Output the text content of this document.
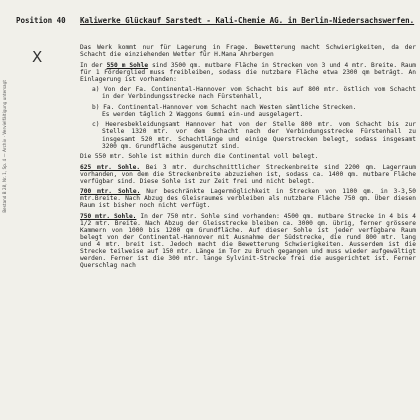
Bestand B 28, Nr. 1, Sp. 4 — Archiv · Vervielfältigung untersagt
Position 40 Kaliwerke Glückauf Sarstedt - Kali-Chemie AG. in Berlin-Niedersachswerfen.
X

Das Werk kommt nur für Lagerung in Frage. Bewetterung macht Schwierigkeiten, da der Schacht die einziehenden Wetter für H.Mana Ahrbergen

In der 550 m Sohle sind 3500 qm. mutbare Fläche in Strecken von 3 und 4 mtr. Breite. Raum für 1 Förderglied muss freibleiben, sodass die nutzbare Fläche etwa 2300 qm beträgt. An Einlagerung ist vorhanden:

a) Von der Fa. Continental-Hannover vom Schacht bis auf 800 mtr. östlich vom Schacht in der Verbindungsstrecke nach Fürstenhall,

b) Fa. Continental-Hannover vom Schacht nach Westen sämtliche Strecken.

Es werden täglich 2 Waggons Gummi ein-und ausgelagert.

c) Heeresbekleidungsamt Hannover hat von der Stelle 800 mtr. vom Schacht bis zur Stelle 1320 mtr. vor dem Schacht nach der Verbindungsstrecke Fürstenhall zu insgesamt 520 mtr. Schachtlänge und einige Querstrecken belegt, sodass insgesamt 3200 qm. Grundfläche ausgenutzt sind.

Die 550 mtr. Sohle ist mithin durch die Continental voll belegt.

625 mtr. Sohle. Bei 3 mtr. durchschnittlicher Streckenbreite sind 2200 qm. Lagerraum vorhanden, von dem die Streckenbreite abzuziehen ist, sodass ca. 1400 qm. mutbare Fläche verfügbar sind. Diese Sohle ist zur Zeit frei und nicht belegt.

700 mtr. Sohle. Nur beschränkte Lagermöglichkeit in Strecken von 1100 qm. in 3-3,50 mtr.Breite. Nach Abzug des Gleisraumes verbleiben als nutzbare Fläche 750 qm. Über diesen Raum ist bisher noch nicht verfügt.

750 mtr. Sohle. In der 750 mtr. Sohle sind vorhanden: 4500 qm. mutbare Strecke in 4 bis 4 1/2 mtr. Breite. Nach Abzug der Gleisstrecke bleiben ca. 3000 qm. übrig, ferner grössere Kammern von 1000 bis 1200 qm Grundfläche. Auf dieser Sohle ist jeder verfügbare Raum belegt von der Continental-Hannover mit Ausnahme der Südstrecke, die rund 800 mtr. lang und 4 mtr. breit ist. Jedoch macht die Bewetterung Schwierigkeiten. Ausserdem ist die Strecke teilweise auf 150 mtr. Länge im Tor zu Bruch gegangen und muss wieder aufgewältigt werden. Ferner ist die 300 mtr. lange Sylvinit-Strecke frei die ausgerichtet ist. Ferner Querschlag nach
